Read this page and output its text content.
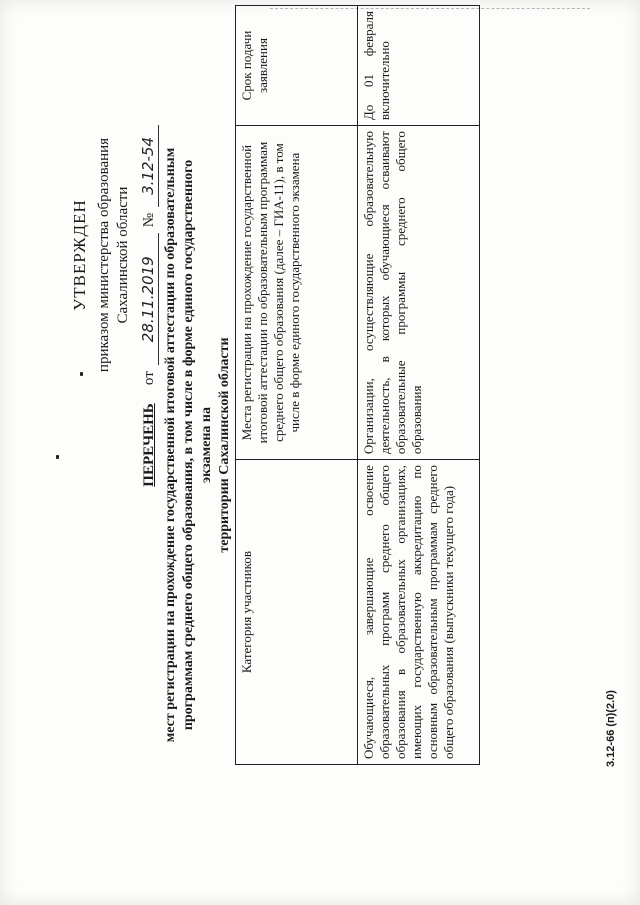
УТВЕРЖДЕН приказом министерства образования Сахалинской области
от
28.11.2019
№
3.12-54
ПЕРЕЧЕНЬ мест регистрации на прохождение государственной итоговой аттестации по образовательным программам среднего общего образования, в том числе в форме единого государственного экзамена на территории Сахалинской области
Категория участников	Места регистрации на прохождение государственной итоговой аттестации по образовательным программам среднего общего образования (далее – ГИА-11), в том числе в форме единого государственного экзамена	Срок подачи заявления
Обучающиеся, завершающие освоение образовательных программ среднего общего образования в образовательных организациях, имеющих государственную аккредитацию по основным образовательным программам среднего общего образования (выпускники текущего года)	Организации, осуществляющие образовательную деятельность, в которых обучающиеся осваивают образовательные программы среднего общего образования	До 01 февраля включительно
3.12-66 (п)(2.0)
